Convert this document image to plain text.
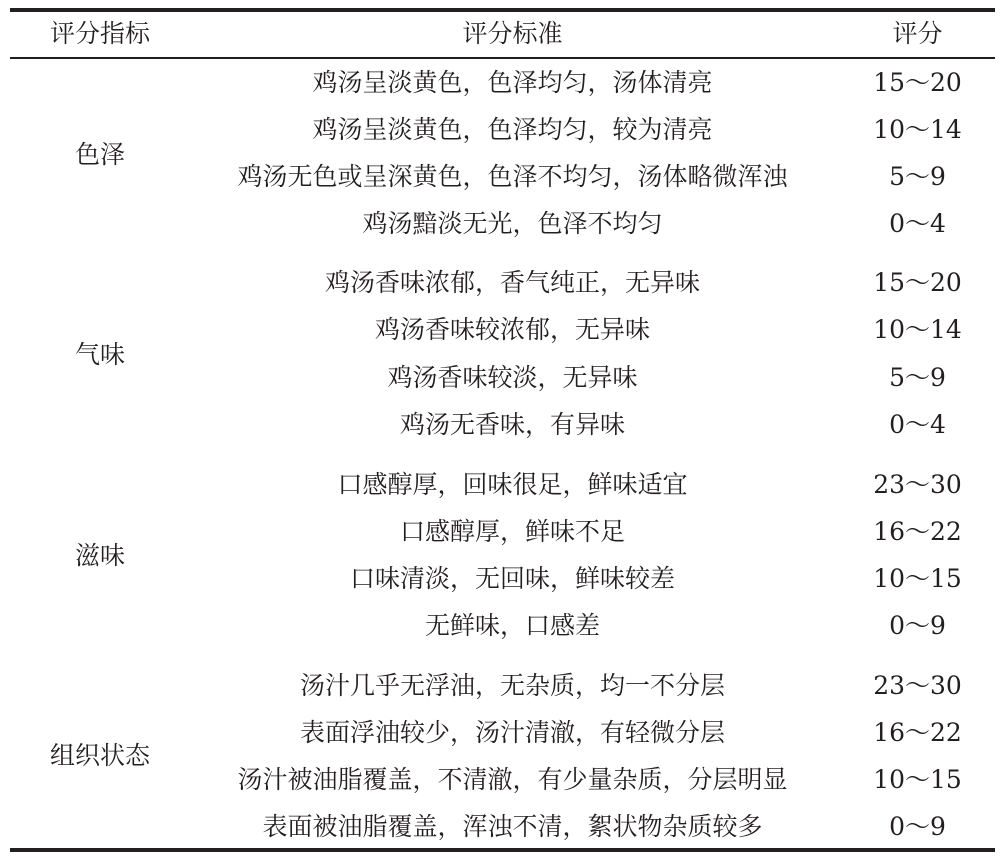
评分指标	评分标准	评分
色泽
鸡汤呈淡黄色，色泽均匀，汤体清亮	15～20
鸡汤呈淡黄色，色泽均匀，较为清亮	10～14
鸡汤无色或呈深黄色，色泽不均匀，汤体略微浑浊	5～9
鸡汤黯淡无光，色泽不均匀	0～4
气味
鸡汤香味浓郁，香气纯正，无异味	15～20
鸡汤香味较浓郁，无异味	10～14
鸡汤香味较淡，无异味	5～9
鸡汤无香味，有异味	0～4
滋味
口感醇厚，回味很足，鲜味适宜	23～30
口感醇厚，鲜味不足	16～22
口味清淡，无回味，鲜味较差	10～15
无鲜味，口感差	0～9
组织状态
汤汁几乎无浮油，无杂质，均一不分层	23～30
表面浮油较少，汤汁清澈，有轻微分层	16～22
汤汁被油脂覆盖，不清澈，有少量杂质，分层明显	10～15
表面被油脂覆盖，浑浊不清，絮状物杂质较多	0～9
